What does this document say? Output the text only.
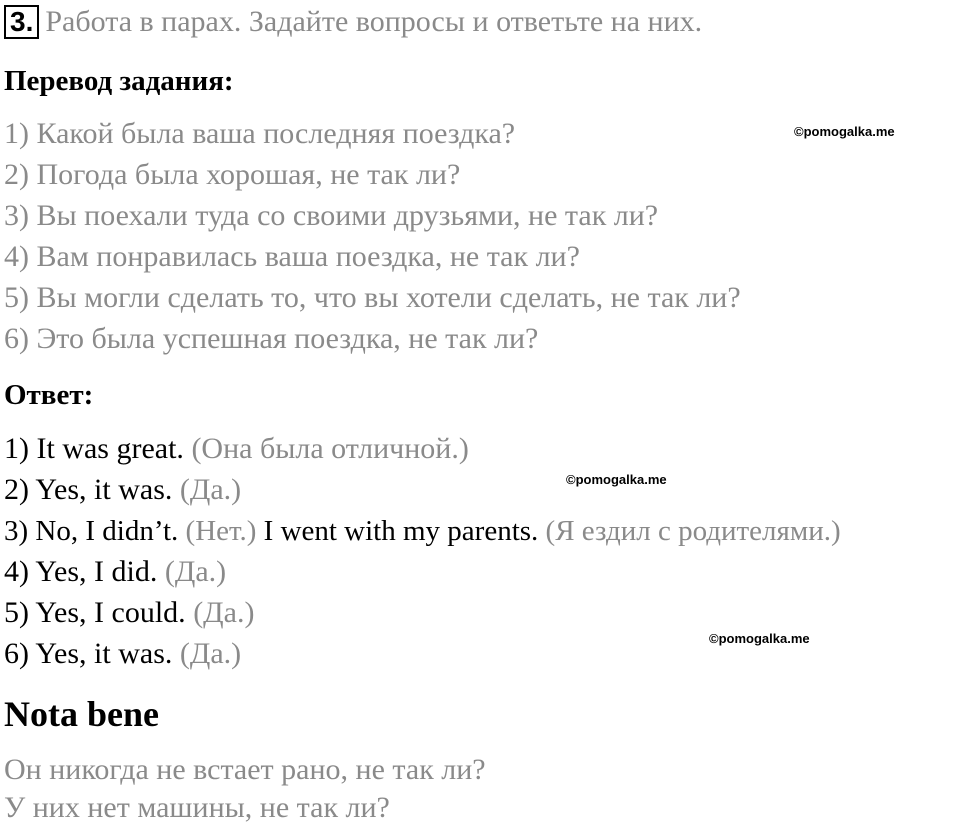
3. Работа в парах. Задайте вопросы и ответьте на них.
Перевод задания:
1) Какой была ваша последняя поездка?
2) Погода была хорошая, не так ли?
3) Вы поехали туда со своими друзьями, не так ли?
4) Вам понравилась ваша поездка, не так ли?
5) Вы могли сделать то, что вы хотели сделать, не так ли?
6) Это была успешная поездка, не так ли?
Ответ:
1) It was great. (Она была отличной.)
2) Yes, it was. (Да.)
3) No, I didn’t. (Нет.) I went with my parents. (Я ездил с родителями.)
4) Yes, I did. (Да.)
5) Yes, I could. (Да.)
6) Yes, it was. (Да.)
Nota bene
Он никогда не встает рано, не так ли?
У них нет машины, не так ли?
©pomogalka.me
©pomogalka.me
©pomogalka.me
